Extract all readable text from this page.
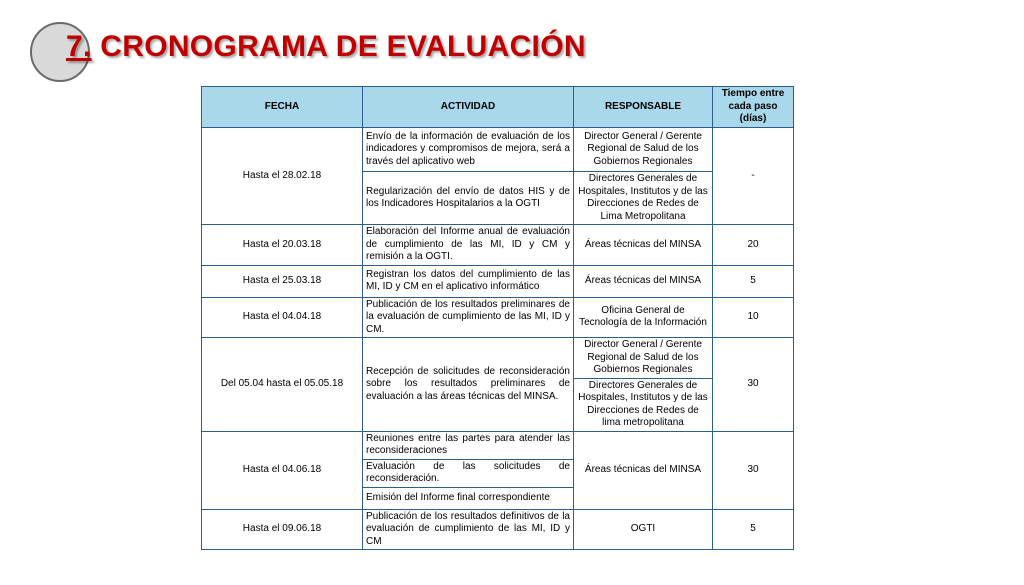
7. CRONOGRAMA DE EVALUACIÓN
FECHA	ACTIVIDAD	RESPONSABLE	Tiempo entre cada paso (días)
Hasta el 28.02.18	Envío de la información de evaluación de los indicadores y compromisos de mejora, será a través del aplicativo web	Director General / Gerente Regional de Salud de los Gobiernos Regionales	-
	Regularización del envío de datos HIS y de los Indicadores Hospitalarios a la OGTI	Directores Generales de Hospitales, Institutos y de las Direcciones de Redes de Lima Metropolitana	
Hasta el 20.03.18	Elaboración del Informe anual de evaluación de cumplimiento de las MI, ID y CM y remisión a la OGTI.	Áreas técnicas del MINSA	20
Hasta el 25.03.18	Registran los datos del cumplimiento de las MI, ID y CM en el aplicativo informático	Áreas técnicas del MINSA	5
Hasta el 04.04.18	Publicación de los resultados preliminares de la evaluación de cumplimiento de las MI, ID y CM.	Oficina General de Tecnología de la Información	10
Del 05.04 hasta el 05.05.18	Recepción de solicitudes de reconsideración sobre los resultados preliminares de evaluación a las áreas técnicas del MINSA.	Director General / Gerente Regional de Salud de los Gobiernos Regionales	30
		Directores Generales de Hospitales, Institutos y de las Direcciones de Redes de lima metropolitana	
Hasta el 04.06.18	Reuniones entre las partes para atender las reconsideraciones	Áreas técnicas del MINSA	30
	Evaluación de las solicitudes de reconsideración.		
	Emisión del Informe final correspondiente		
Hasta el 09.06.18	Publicación de los resultados definitivos de la evaluación de cumplimiento de las MI, ID y CM	OGTI	5
